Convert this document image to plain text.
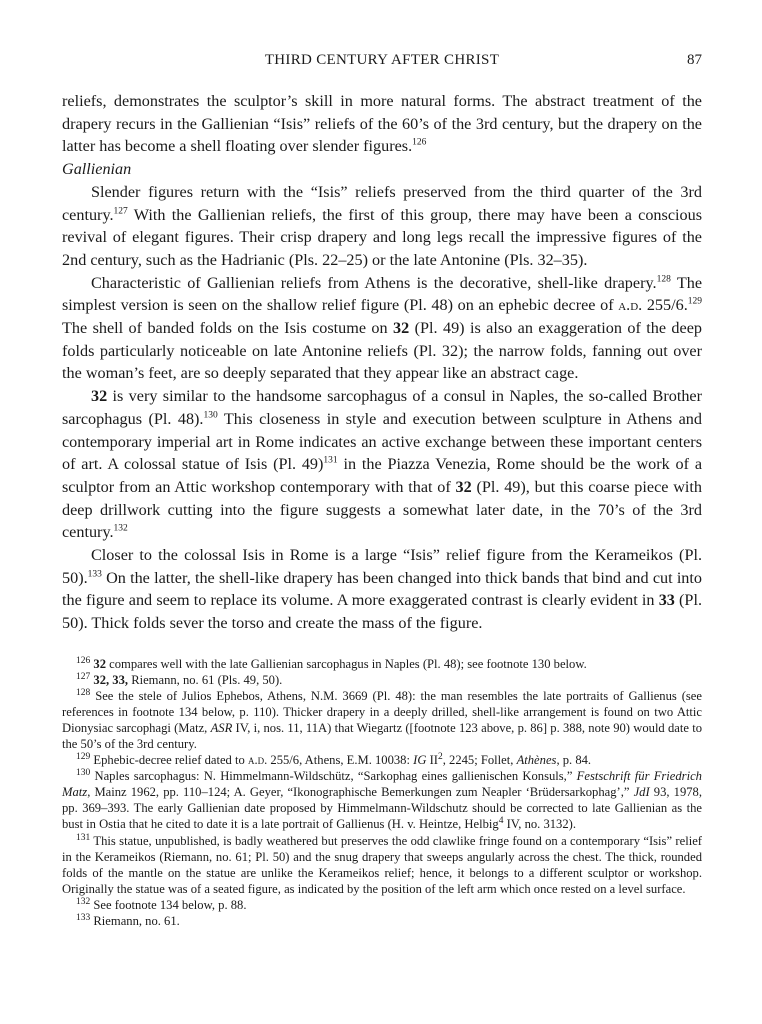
THIRD CENTURY AFTER CHRIST	87

reliefs, demonstrates the sculptor’s skill in more natural forms. The abstract treatment of the drapery recurs in the Gallienian “Isis” reliefs of the 60’s of the 3rd century, but the drapery on the latter has become a shell floating over slender figures.$^{126}$

Gallienian

Slender figures return with the “Isis” reliefs preserved from the third quarter of the 3rd century.$^{127}$ With the Gallienian reliefs, the first of this group, there may have been a conscious revival of elegant figures. Their crisp drapery and long legs recall the impressive figures of the 2nd century, such as the Hadrianic (Pls. 22–25) or the late Antonine (Pls. 32–35).

Characteristic of Gallienian reliefs from Athens is the decorative, shell-like drapery.$^{128}$ The simplest version is seen on the shallow relief figure (Pl. 48) on an ephebic decree of a.d. 255/6.$^{129}$ The shell of banded folds on the Isis costume on 32 (Pl. 49) is also an exaggeration of the deep folds particularly noticeable on late Antonine reliefs (Pl. 32); the narrow folds, fanning out over the woman’s feet, are so deeply separated that they appear like an abstract cage.

32 is very similar to the handsome sarcophagus of a consul in Naples, the so-called Brother sarcophagus (Pl. 48).$^{130}$ This closeness in style and execution between sculpture in Athens and contemporary imperial art in Rome indicates an active exchange between these important centers of art. A colossal statue of Isis (Pl. 49)$^{131}$ in the Piazza Venezia, Rome should be the work of a sculptor from an Attic workshop contemporary with that of 32 (Pl. 49), but this coarse piece with deep drillwork cutting into the figure suggests a somewhat later date, in the 70’s of the 3rd century.$^{132}$

Closer to the colossal Isis in Rome is a large “Isis” relief figure from the Kerameikos (Pl. 50).$^{133}$ On the latter, the shell-like drapery has been changed into thick bands that bind and cut into the figure and seem to replace its volume. A more exaggerated contrast is clearly evident in 33 (Pl. 50). Thick folds sever the torso and create the mass of the figure.

$^{126}$ 32 compares well with the late Gallienian sarcophagus in Naples (Pl. 48); see footnote 130 below.

$^{127}$ 32, 33, Riemann, no. 61 (Pls. 49, 50).

$^{128}$ See the stele of Julios Ephebos, Athens, N.M. 3669 (Pl. 48): the man resembles the late portraits of Gallienus (see references in footnote 134 below, p. 110). Thicker drapery in a deeply drilled, shell-like arrangement is found on two Attic Dionysiac sarcophagi (Matz, ASR IV, i, nos. 11, 11A) that Wiegartz ([footnote 123 above, p. 86] p. 388, note 90) would date to the 50’s of the 3rd century.

$^{129}$ Ephebic-decree relief dated to a.d. 255/6, Athens, E.M. 10038: IG $II^2$, 2245; Follet, Athènes, p. 84.

$^{130}$ Naples sarcophagus: N. Himmelmann-Wildschütz, “Sarkophag eines gallienischen Konsuls,” Festschrift für Friedrich Matz, Mainz 1962, pp. 110–124; A. Geyer, “Ikonographische Bemerkungen zum Neapler ‘Brüdersarkophag’,” JdI 93, 1978, pp. 369–393. The early Gallienian date proposed by Himmelmann-Wildschutz should be corrected to late Gallienian as the bust in Ostia that he cited to date it is a late portrait of Gallienus (H. v. Heintze, Helbig$^4$ IV, no. 3132).

$^{131}$ This statue, unpublished, is badly weathered but preserves the odd clawlike fringe found on a contemporary “Isis” relief in the Kerameikos (Riemann, no. 61; Pl. 50) and the snug drapery that sweeps angularly across the chest. The thick, rounded folds of the mantle on the statue are unlike the Kerameikos relief; hence, it belongs to a different sculptor or workshop. Originally the statue was of a seated figure, as indicated by the position of the left arm which once rested on a level surface.

$^{132}$ See footnote 134 below, p. 88.

$^{133}$ Riemann, no. 61.
